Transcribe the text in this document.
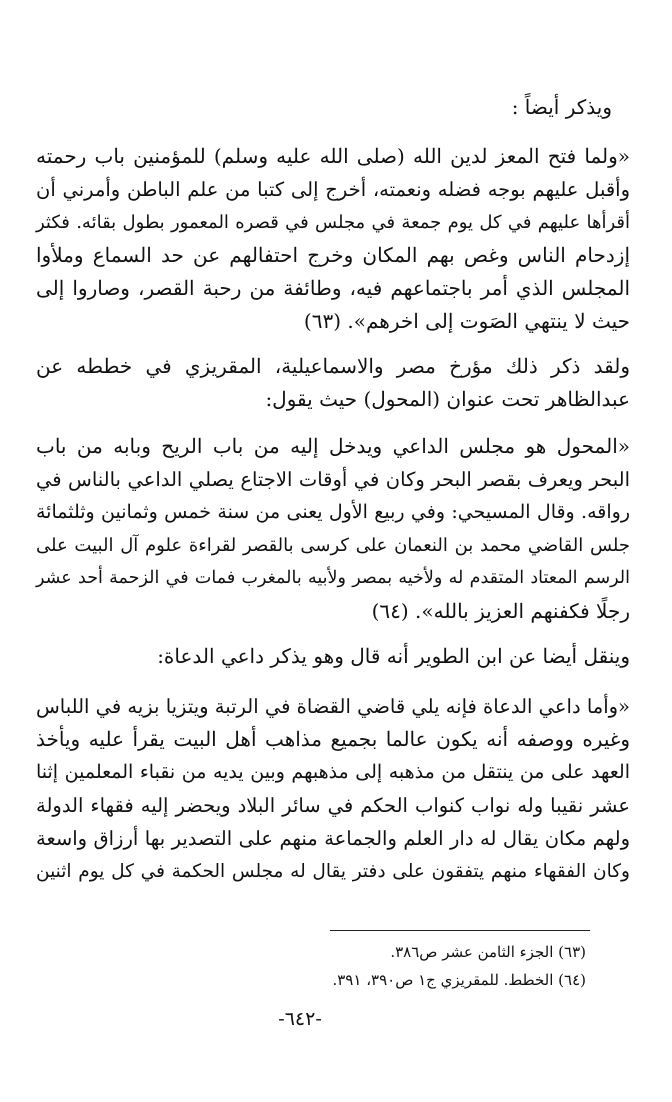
ويذكر أيضاً :
«ولما فتح المعز لدين الله (صلى الله عليه وسلم) للمؤمنين باب رحمته
وأقبل عليهم بوجه فضله ونعمته، أخرج إلى كتبا من علم الباطن وأمرني أن
أقرأها عليهم في كل يوم جمعة في مجلس في قصره المعمور بطول بقائه. فكثر
إزدحام الناس وغص بهم المكان وخرج احتفالهم عن حد السماع وملأوا
المجلس الذي أمر باجتماعهم فيه، وطائفة من رحبة القصر، وصاروا إلى
حيث لا ينتهي الصَوت إلى اخرهم». (٦٣)
ولقد ذكر ذلك مؤرخ مصر والاسماعيلية، المقريزي في خططه عن
عبدالظاهر تحت عنوان (المحول) حيث يقول:
«المحول هو مجلس الداعي ويدخل إليه من باب الريح وبابه من باب
البحر ويعرف بقصر البحر وكان في أوقات الاجتاع يصلي الداعي بالناس في
رواقه. وقال المسيحي: وفي ربيع الأول يعنى من سنة خمس وثمانين وثلثمائة
جلس القاضي محمد بن النعمان على كرسى بالقصر لقراءة علوم آل البيت على
الرسم المعتاد المتقدم له ولأخيه بمصر ولأبيه بالمغرب فمات في الزحمة أحد عشر
رجلًا فكفنهم العزيز بالله». (٦٤)
وينقل أيضا عن ابن الطوير أنه قال وهو يذكر داعي الدعاة:
«وأما داعي الدعاة فإنه يلي قاضي القضاة في الرتبة ويتزيا بزيه في اللباس
وغيره ووصفه أنه يكون عالما بجميع مذاهب أهل البيت يقرأ عليه ويأخذ
العهد على من ينتقل من مذهبه إلى مذهبهم وبين يديه من نقباء المعلمين إثنا
عشر نقيبا وله نواب كنواب الحكم في سائر البلاد ويحضر إليه فقهاء الدولة
ولهم مكان يقال له دار العلم والجماعة منهم على التصدير بها أرزاق واسعة
وكان الفقهاء منهم يتفقون على دفتر يقال له مجلس الحكمة في كل يوم اثنين
(٦٣) الجزء الثامن عشر ص٣٨٦.
(٦٤) الخطط. للمقريزي ج١ ص٣٩٠، ٣٩١.
-٦٤٢-
